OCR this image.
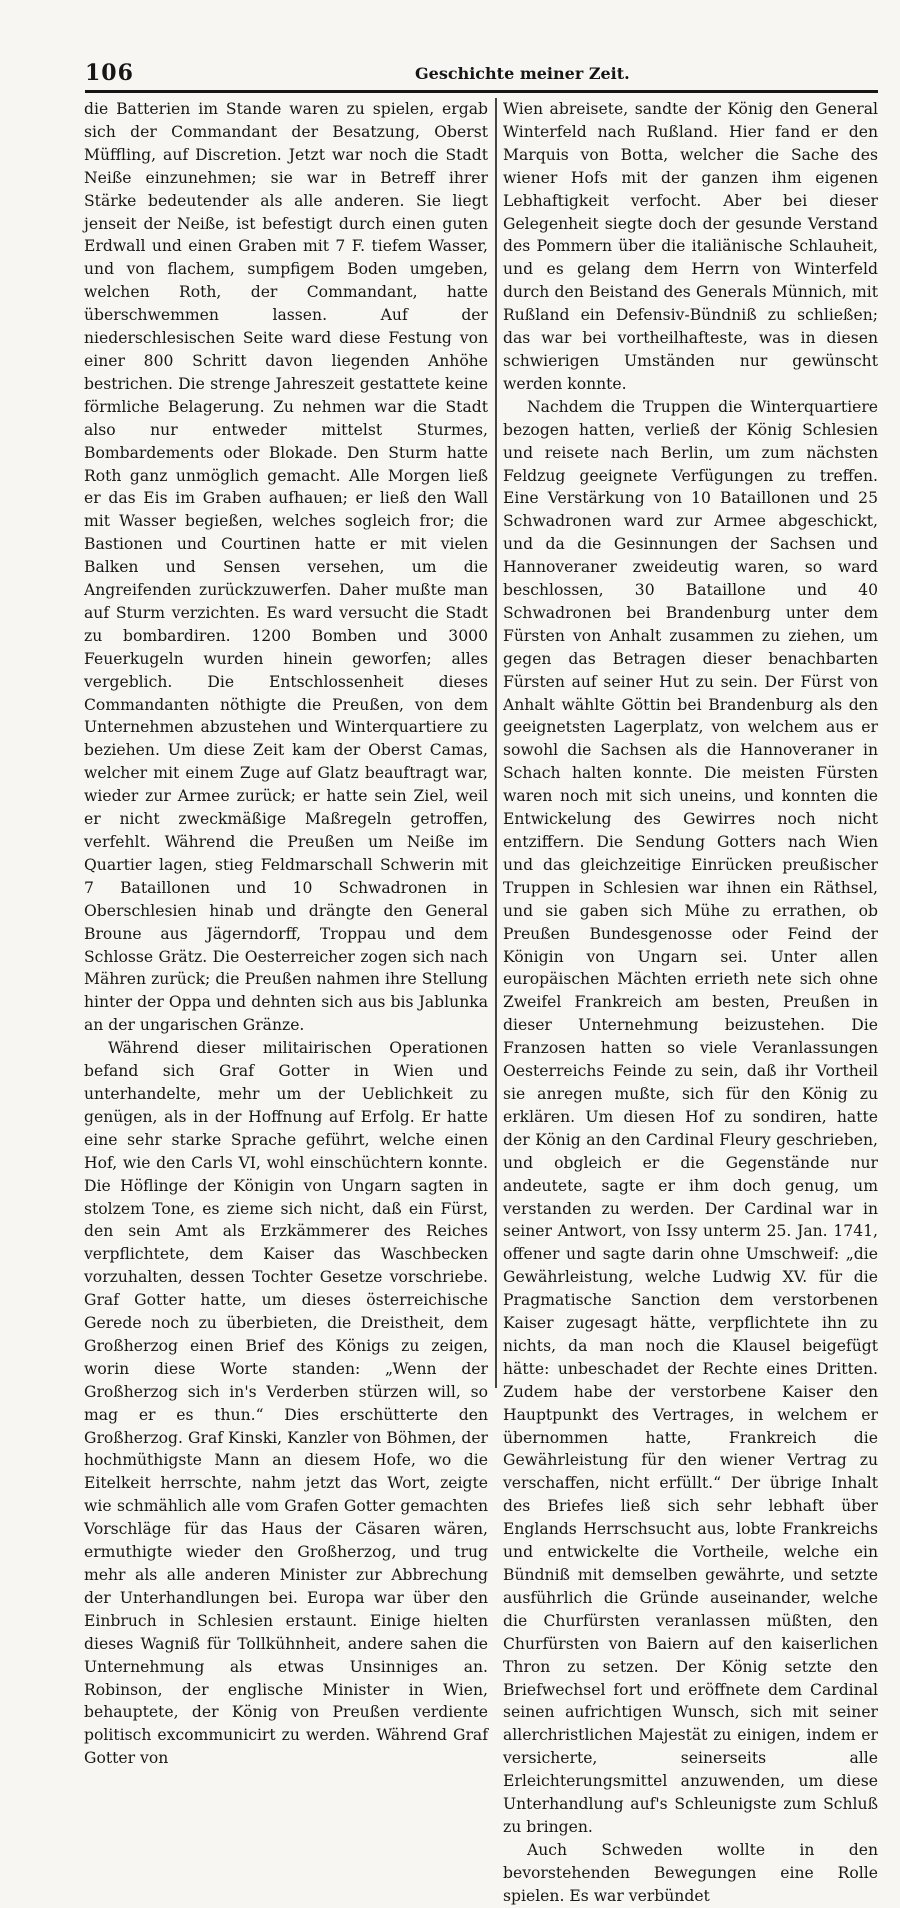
106	Geschichte meiner Zeit.

die Batterien im Stande waren zu spielen, ergab sich der Commandant der Besatzung, Oberst Müffling, auf Discretion. Jetzt war noch die Stadt Neiße einzunehmen; sie war in Betreff ihrer Stärke bedeutender als alle anderen. Sie liegt jenseit der Neiße, ist befestigt durch einen guten Erdwall und einen Graben mit 7 F. tiefem Wasser, und von flachem, sumpfigem Boden umgeben, welchen Roth, der Commandant, hatte überschwemmen lassen. Auf der niederschlesischen Seite ward diese Festung von einer 800 Schritt davon liegenden Anhöhe bestrichen. Die strenge Jahreszeit gestattete keine förmliche Belagerung. Zu nehmen war die Stadt also nur entweder mittelst Sturmes, Bombardements oder Blokade. Den Sturm hatte Roth ganz unmöglich gemacht. Alle Morgen ließ er das Eis im Graben aufhauen; er ließ den Wall mit Wasser begießen, welches sogleich fror; die Bastionen und Courtinen hatte er mit vielen Balken und Sensen versehen, um die Angreifenden zurückzuwerfen. Daher mußte man auf Sturm verzichten. Es ward versucht die Stadt zu bombardiren. 1200 Bomben und 3000 Feuerkugeln wurden hinein geworfen; alles vergeblich. Die Entschlossenheit dieses Commandanten nöthigte die Preußen, von dem Unternehmen abzustehen und Winterquartiere zu beziehen. Um diese Zeit kam der Oberst Camas, welcher mit einem Zuge auf Glatz beauftragt war, wieder zur Armee zurück; er hatte sein Ziel, weil er nicht zweckmäßige Maßregeln getroffen, verfehlt. Während die Preußen um Neiße im Quartier lagen, stieg Feldmarschall Schwerin mit 7 Bataillonen und 10 Schwadronen in Oberschlesien hinab und drängte den General Broune aus Jägerndorff, Troppau und dem Schlosse Grätz. Die Oesterreicher zogen sich nach Mähren zurück; die Preußen nahmen ihre Stellung hinter der Oppa und dehnten sich aus bis Jablunka an der ungarischen Gränze.

Während dieser militairischen Operationen befand sich Graf Gotter in Wien und unterhandelte, mehr um der Ueblichkeit zu genügen, als in der Hoffnung auf Erfolg. Er hatte eine sehr starke Sprache geführt, welche einen Hof, wie den Carls VI, wohl einschüchtern konnte. Die Höflinge der Königin von Ungarn sagten in stolzem Tone, es zieme sich nicht, daß ein Fürst, den sein Amt als Erzkämmerer des Reiches verpflichtete, dem Kaiser das Waschbecken vorzuhalten, dessen Tochter Gesetze vorschriebe. Graf Gotter hatte, um dieses österreichische Gerede noch zu überbieten, die Dreistheit, dem Großherzog einen Brief des Königs zu zeigen, worin diese Worte standen: „Wenn der Großherzog sich in's Verderben stürzen will, so mag er es thun.“ Dies erschütterte den Großherzog. Graf Kinski, Kanzler von Böhmen, der hochmüthigste Mann an diesem Hofe, wo die Eitelkeit herrschte, nahm jetzt das Wort, zeigte wie schmählich alle vom Grafen Gotter gemachten Vorschläge für das Haus der Cäsaren wären, ermuthigte wieder den Großherzog, und trug mehr als alle anderen Minister zur Abbrechung der Unterhandlungen bei. Europa war über den Einbruch in Schlesien erstaunt. Einige hielten dieses Wagniß für Tollkühnheit, andere sahen die Unternehmung als etwas Unsinniges an. Robinson, der englische Minister in Wien, behauptete, der König von Preußen verdiente politisch excommunicirt zu werden. Während Graf Gotter von

Wien abreisete, sandte der König den General Winterfeld nach Rußland. Hier fand er den Marquis von Botta, welcher die Sache des wiener Hofs mit der ganzen ihm eigenen Lebhaftigkeit verfocht. Aber bei dieser Gelegenheit siegte doch der gesunde Verstand des Pommern über die italiänische Schlauheit, und es gelang dem Herrn von Winterfeld durch den Beistand des Generals Münnich, mit Rußland ein Defensiv-Bündniß zu schließen; das war bei vortheilhafteste, was in diesen schwierigen Umständen nur gewünscht werden konnte.

Nachdem die Truppen die Winterquartiere bezogen hatten, verließ der König Schlesien und reisete nach Berlin, um zum nächsten Feldzug geeignete Verfügungen zu treffen. Eine Verstärkung von 10 Bataillonen und 25 Schwadronen ward zur Armee abgeschickt, und da die Gesinnungen der Sachsen und Hannoveraner zweideutig waren, so ward beschlossen, 30 Bataillone und 40 Schwadronen bei Brandenburg unter dem Fürsten von Anhalt zusammen zu ziehen, um gegen das Betragen dieser benachbarten Fürsten auf seiner Hut zu sein. Der Fürst von Anhalt wählte Göttin bei Brandenburg als den geeignetsten Lagerplatz, von welchem aus er sowohl die Sachsen als die Hannoveraner in Schach halten konnte. Die meisten Fürsten waren noch mit sich uneins, und konnten die Entwickelung des Gewirres noch nicht entziffern. Die Sendung Gotters nach Wien und das gleichzeitige Einrücken preußischer Truppen in Schlesien war ihnen ein Räthsel, und sie gaben sich Mühe zu errathen, ob Preußen Bundesgenosse oder Feind der Königin von Ungarn sei. Unter allen europäischen Mächten errieth nete sich ohne Zweifel Frankreich am besten, Preußen in dieser Unternehmung beizustehen. Die Franzosen hatten so viele Veranlassungen Oesterreichs Feinde zu sein, daß ihr Vortheil sie anregen mußte, sich für den König zu erklären. Um diesen Hof zu sondiren, hatte der König an den Cardinal Fleury geschrieben, und obgleich er die Gegenstände nur andeutete, sagte er ihm doch genug, um verstanden zu werden. Der Cardinal war in seiner Antwort, von Issy unterm 25. Jan. 1741, offener und sagte darin ohne Umschweif: „die Gewährleistung, welche Ludwig XV. für die Pragmatische Sanction dem verstorbenen Kaiser zugesagt hätte, verpflichtete ihn zu nichts, da man noch die Klausel beigefügt hätte: unbeschadet der Rechte eines Dritten. Zudem habe der verstorbene Kaiser den Hauptpunkt des Vertrages, in welchem er übernommen hatte, Frankreich die Gewährleistung für den wiener Vertrag zu verschaffen, nicht erfüllt.“ Der übrige Inhalt des Briefes ließ sich sehr lebhaft über Englands Herrschsucht aus, lobte Frankreichs und entwickelte die Vortheile, welche ein Bündniß mit demselben gewährte, und setzte ausführlich die Gründe auseinander, welche die Churfürsten veranlassen müßten, den Churfürsten von Baiern auf den kaiserlichen Thron zu setzen. Der König setzte den Briefwechsel fort und eröffnete dem Cardinal seinen aufrichtigen Wunsch, sich mit seiner allerchristlichen Majestät zu einigen, indem er versicherte, seinerseits alle Erleichterungsmittel anzuwenden, um diese Unterhandlung auf's Schleunigste zum Schluß zu bringen.

Auch Schweden wollte in den bevorstehenden Bewegungen eine Rolle spielen. Es war verbündet
